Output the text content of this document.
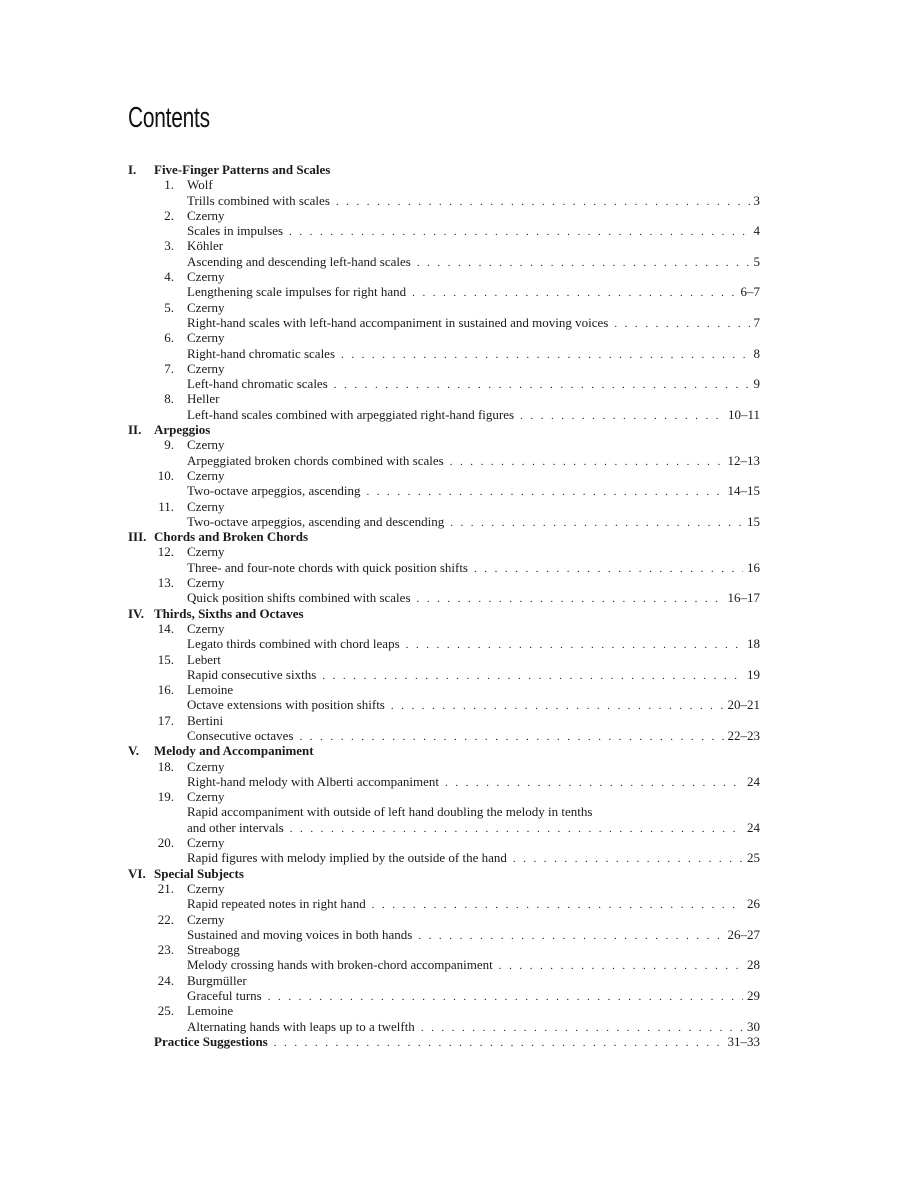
Contents
I. Five-Finger Patterns and Scales
1. Wolf
Trills combined with scales . . .	3
2. Czerny
Scales in impulses . . .	4
3. Köhler
Ascending and descending left-hand scales . . .	5
4. Czerny
Lengthening scale impulses for right hand . . .	6–7
5. Czerny
Right-hand scales with left-hand accompaniment in sustained and moving voices . . .	7
6. Czerny
Right-hand chromatic scales . . .	8
7. Czerny
Left-hand chromatic scales . . .	9
8. Heller
Left-hand scales combined with arpeggiated right-hand figures . . .	10–11
II. Arpeggios
9. Czerny
Arpeggiated broken chords combined with scales . . .	12–13
10. Czerny
Two-octave arpeggios, ascending . . .	14–15
11. Czerny
Two-octave arpeggios, ascending and descending . . .	15
III. Chords and Broken Chords
12. Czerny
Three- and four-note chords with quick position shifts . . .	16
13. Czerny
Quick position shifts combined with scales . . .	16–17
IV. Thirds, Sixths and Octaves
14. Czerny
Legato thirds combined with chord leaps . . .	18
15. Lebert
Rapid consecutive sixths . . .	19
16. Lemoine
Octave extensions with position shifts . . .	20–21
17. Bertini
Consecutive octaves . . .	22–23
V. Melody and Accompaniment
18. Czerny
Right-hand melody with Alberti accompaniment . . .	24
19. Czerny
Rapid accompaniment with outside of left hand doubling the melody in tenths
and other intervals . . .	24
20. Czerny
Rapid figures with melody implied by the outside of the hand . . .	25
VI. Special Subjects
21. Czerny
Rapid repeated notes in right hand . . .	26
22. Czerny
Sustained and moving voices in both hands . . .	26–27
23. Streabogg
Melody crossing hands with broken-chord accompaniment . . .	28
24. Burgmüller
Graceful turns . . .	29
25. Lemoine
Alternating hands with leaps up to a twelfth . . .	30
Practice Suggestions . . .	31–33
